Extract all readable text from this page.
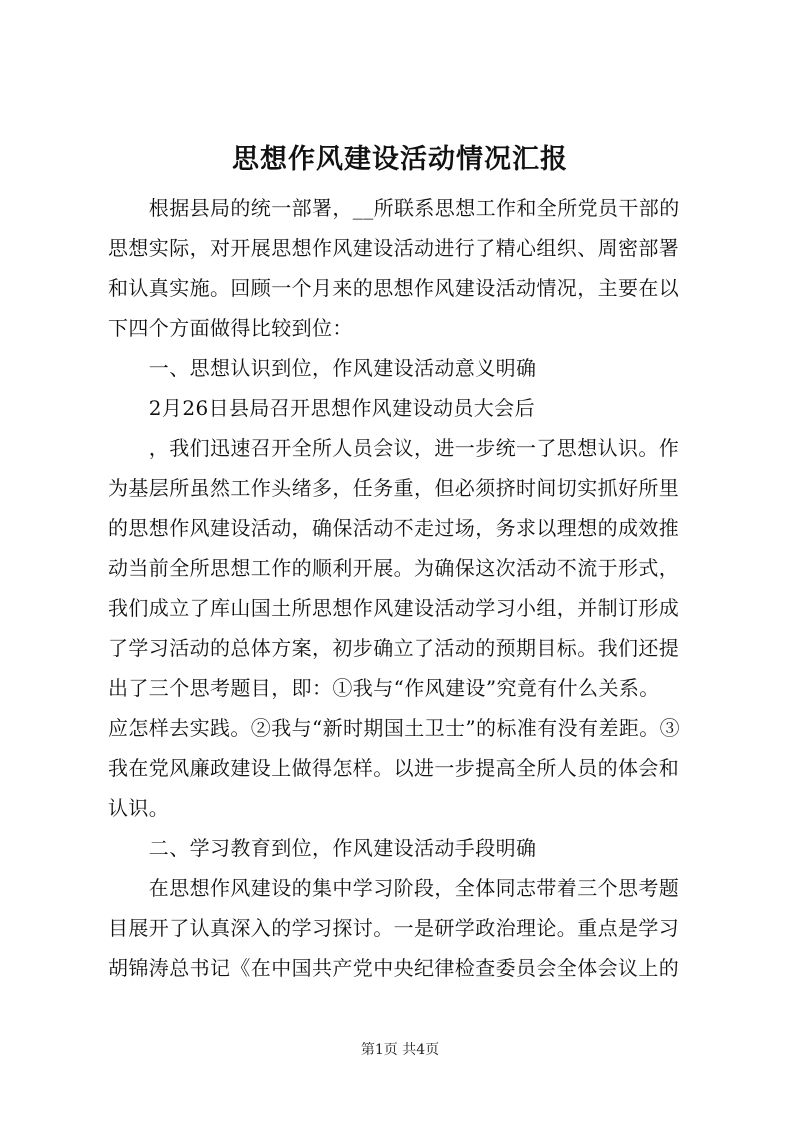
思想作风建设活动情况汇报
　　根据县局的统一部署，__所联系思想工作和全所党员干部的
思想实际，对开展思想作风建设活动进行了精心组织、周密部署
和认真实施。回顾一个月来的思想作风建设活动情况，主要在以
下四个方面做得比较到位：
　　一、思想认识到位，作风建设活动意义明确
　　2月26日县局召开思想作风建设动员大会后
　　，我们迅速召开全所人员会议，进一步统一了思想认识。作
为基层所虽然工作头绪多，任务重，但必须挤时间切实抓好所里
的思想作风建设活动，确保活动不走过场，务求以理想的成效推
动当前全所思想工作的顺利开展。为确保这次活动不流于形式，
我们成立了库山国土所思想作风建设活动学习小组，并制订形成
了学习活动的总体方案，初步确立了活动的预期目标。我们还提
出了三个思考题目，即：①我与“作风建设”究竟有什么关系。
应怎样去实践。②我与“新时期国土卫士”的标准有没有差距。③
我在党风廉政建设上做得怎样。以进一步提高全所人员的体会和
认识。
　　二、学习教育到位，作风建设活动手段明确
　　在思想作风建设的集中学习阶段，全体同志带着三个思考题
目展开了认真深入的学习探讨。一是研学政治理论。重点是学习
胡锦涛总书记《在中国共产党中央纪律检查委员会全体会议上的
第1页 共4页
